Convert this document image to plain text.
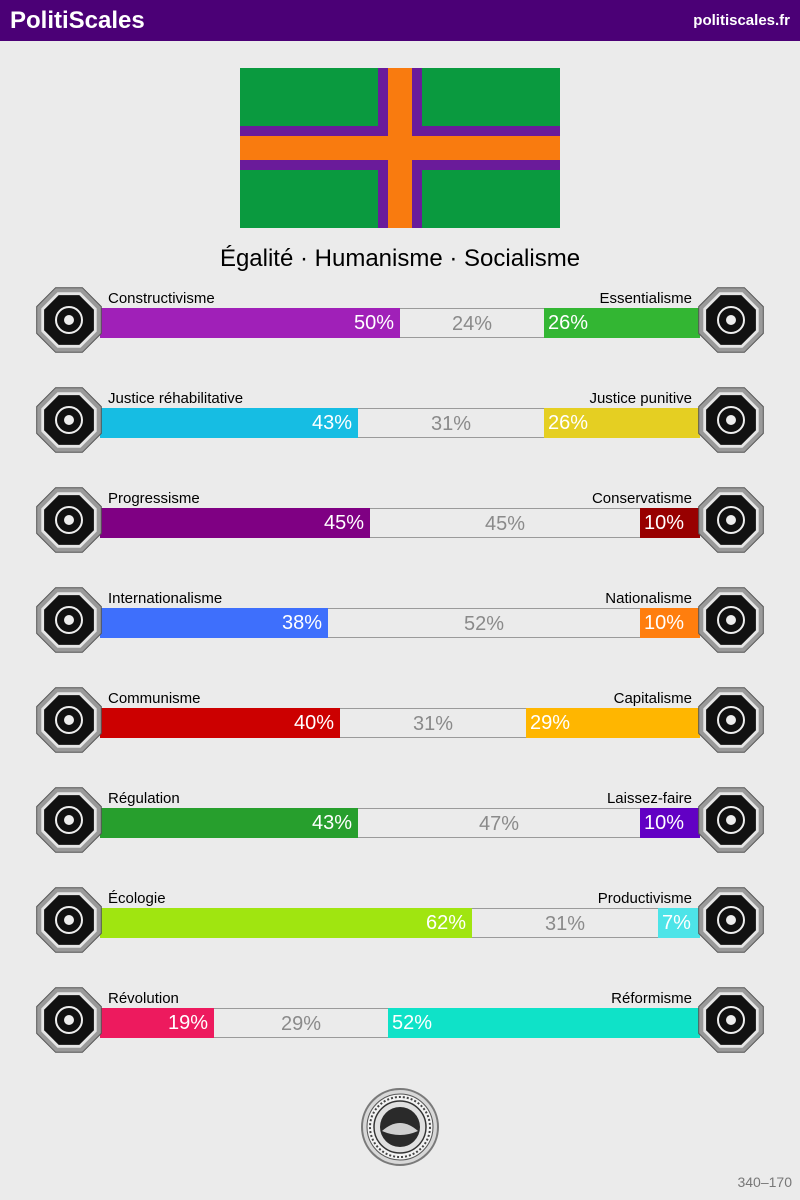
PolitiScales	politiscales.fr
Égalité · Humanisme · Socialisme
Constructivisme	Essentialisme
50%	24%	26%
Justice réhabilitative	Justice punitive
43%	31%	26%
Progressisme	Conservatisme
45%	45%	10%
Internationalisme	Nationalisme
38%	52%	10%
Communisme	Capitalisme
40%	31%	29%
Régulation	Laissez-faire
43%	47%	10%
Écologie	Productivisme
62%	31%	7%
Révolution	Réformisme
19%	29%	52%
340–170
